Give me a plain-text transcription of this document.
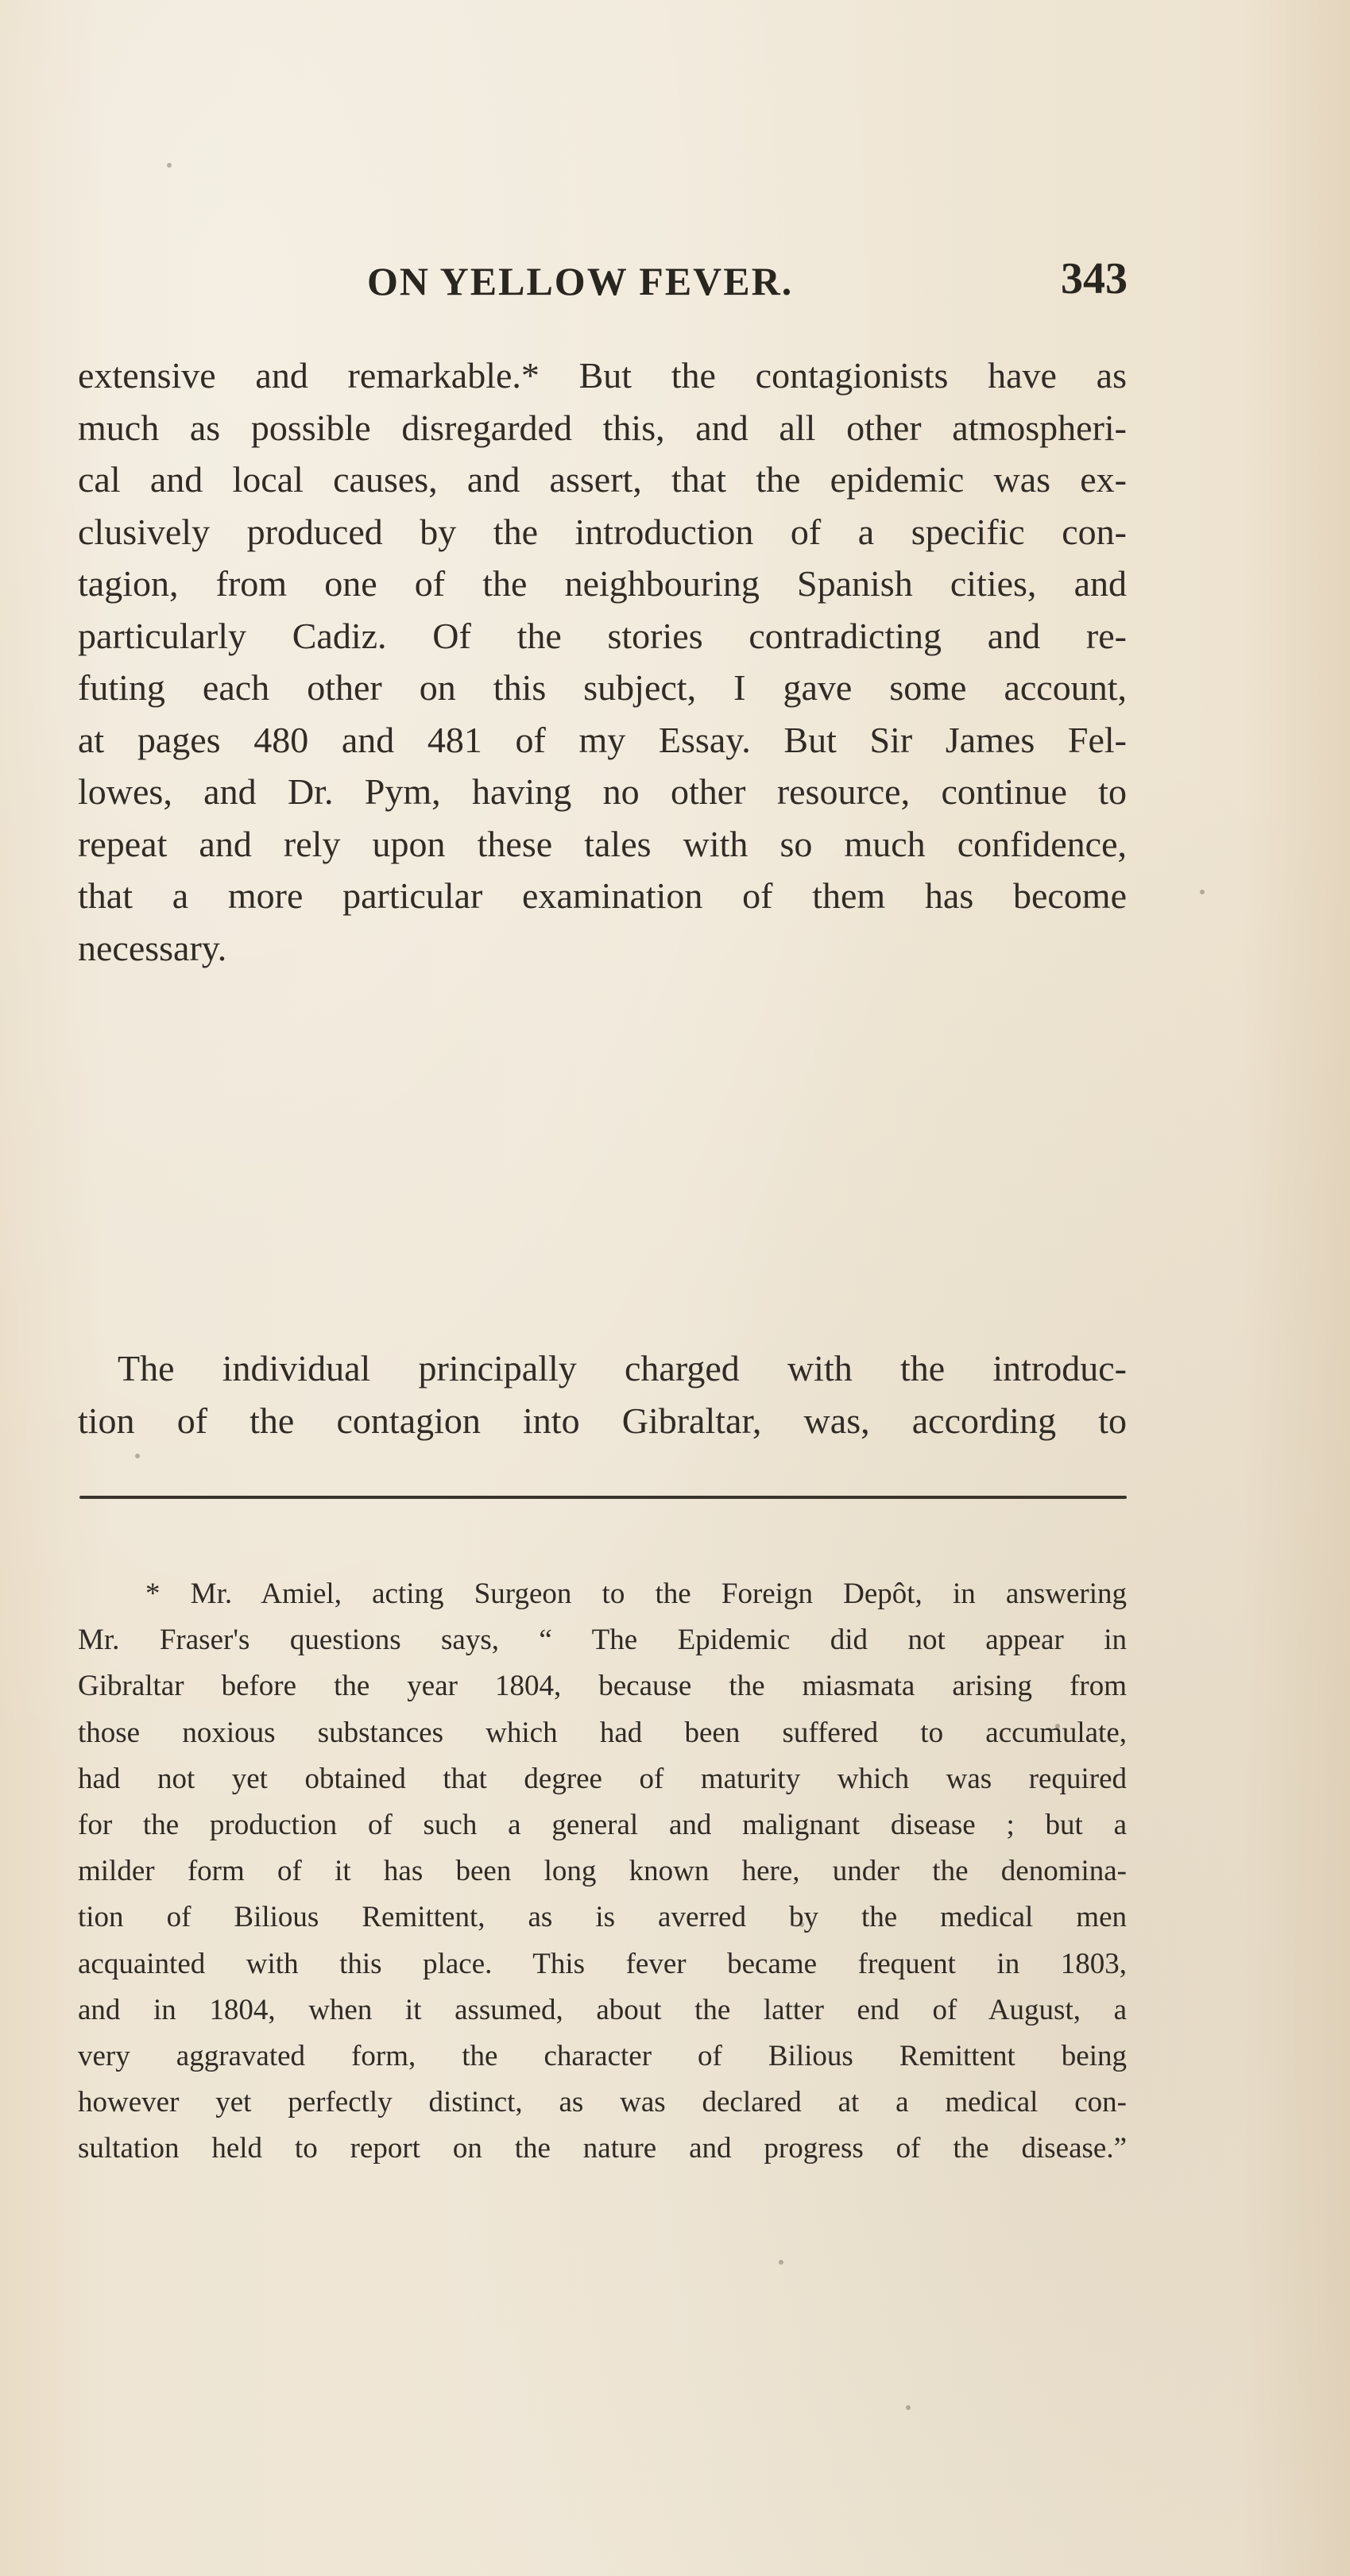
ON YELLOW FEVER.	343
extensive and remarkable.* But the contagionists have as
much as possible disregarded this, and all other atmospheri-
cal and local causes, and assert, that the epidemic was ex-
clusively produced by the introduction of a specific con-
tagion, from one of the neighbouring Spanish cities, and
particularly Cadiz. Of the stories contradicting and re-
futing each other on this subject, I gave some account,
at pages 480 and 481 of my Essay. But Sir James Fel-
lowes, and Dr. Pym, having no other resource, continue to
repeat and rely upon these tales with so much confidence,
that a more particular examination of them has become
necessary.
The individual principally charged with the introduc-
tion of the contagion into Gibraltar, was, according to
* Mr. Amiel, acting Surgeon to the Foreign Depôt, in answering
Mr. Fraser's questions says, “ The Epidemic did not appear in
Gibraltar before the year 1804, because the miasmata arising from
those noxious substances which had been suffered to accumulate,
had not yet obtained that degree of maturity which was required
for the production of such a general and malignant disease ; but a
milder form of it has been long known here, under the denomina-
tion of Bilious Remittent, as is averred by the medical men
acquainted with this place. This fever became frequent in 1803,
and in 1804, when it assumed, about the latter end of August, a
very aggravated form, the character of Bilious Remittent being
however yet perfectly distinct, as was declared at a medical con-
sultation held to report on the nature and progress of the disease.”
